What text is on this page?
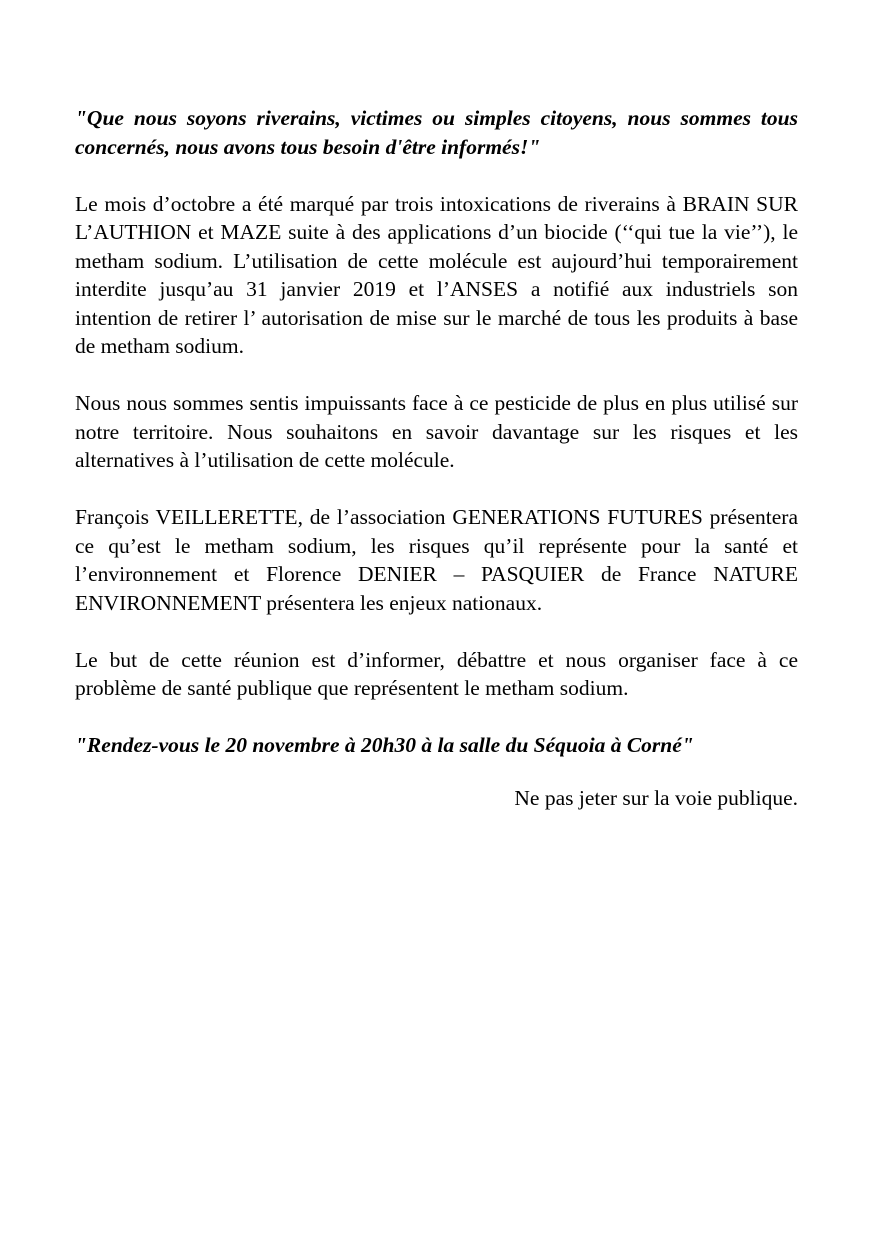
"Que nous soyons riverains, victimes ou simples citoyens, nous sommes tous concernés, nous avons tous besoin d'être informés!"

Le mois d’octobre a été marqué par trois intoxications de riverains à BRAIN SUR L’AUTHION et MAZE suite à des applications d’un biocide (‘‘qui tue la vie’’), le metham sodium. L’utilisation de cette molécule est aujourd’hui temporairement interdite jusqu’au 31 janvier 2019 et l’ANSES a notifié aux industriels son intention de retirer l’ autorisation de mise sur le marché de tous les produits à base de metham sodium.

Nous nous sommes sentis impuissants face à ce pesticide de plus en plus utilisé sur notre territoire. Nous souhaitons en savoir davantage sur les risques et les alternatives à l’utilisation de cette molécule.

François VEILLERETTE, de l’association GENERATIONS FUTURES présentera ce qu’est le metham sodium, les risques qu’il représente pour la santé et l’environnement et Florence DENIER – PASQUIER de France NATURE ENVIRONNEMENT présentera les enjeux nationaux.

Le but de cette réunion est d’informer, débattre et nous organiser face à ce problème de santé publique que représentent le metham sodium.

"Rendez-vous le 20 novembre à 20h30 à la salle du Séquoia à Corné"

Ne pas jeter sur la voie publique.
